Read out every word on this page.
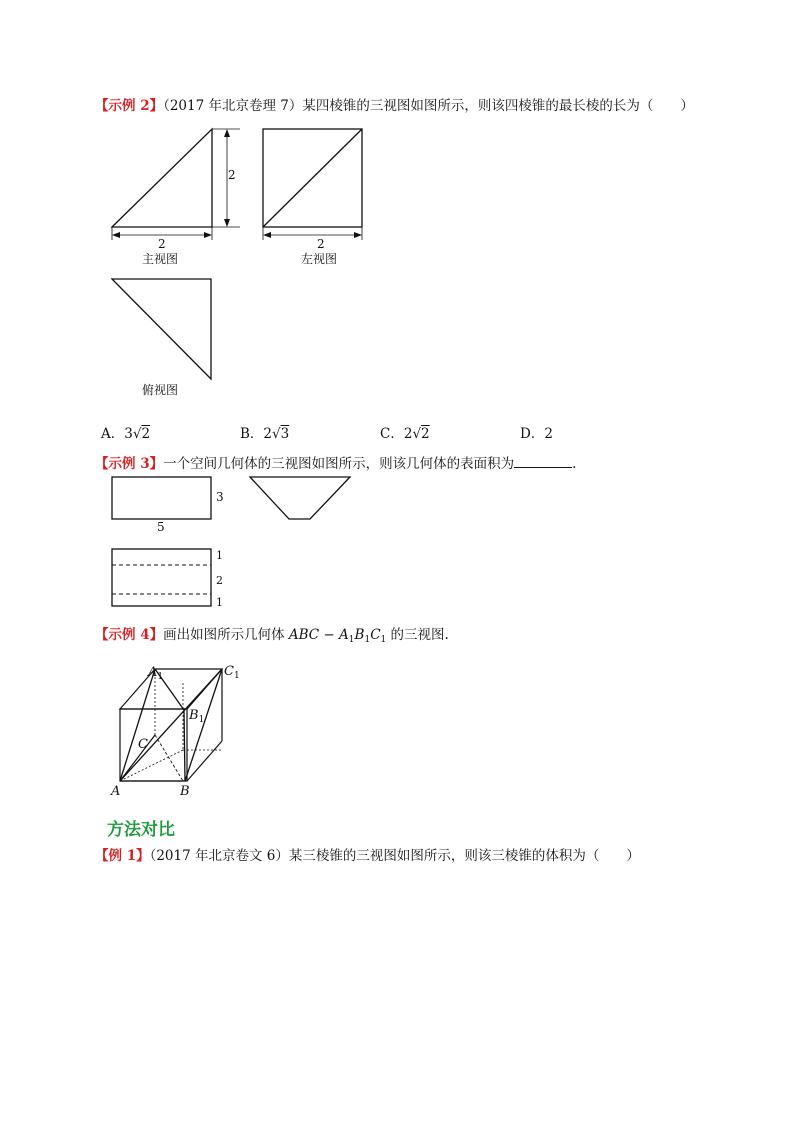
【示例 2】（2017 年北京卷理 7）某四棱锥的三视图如图所示，则该四棱锥的最长棱的长为（　　）
2
2
主视图
2
左视图
俯视图
A．3√2	B．2√3	C．2√2	D．2
【示例 3】一个空间几何体的三视图如图所示，则该几何体的表面积为	.
3
5
1
2
1
【示例 4】画出如图所示几何体 ABC − $A_1B_1C_1$ 的三视图.
$A_1$	$C_1$
$B_1$
C
A	B
方法对比
【例 1】（2017 年北京卷文 6）某三棱锥的三视图如图所示，则该三棱锥的体积为（　　）
